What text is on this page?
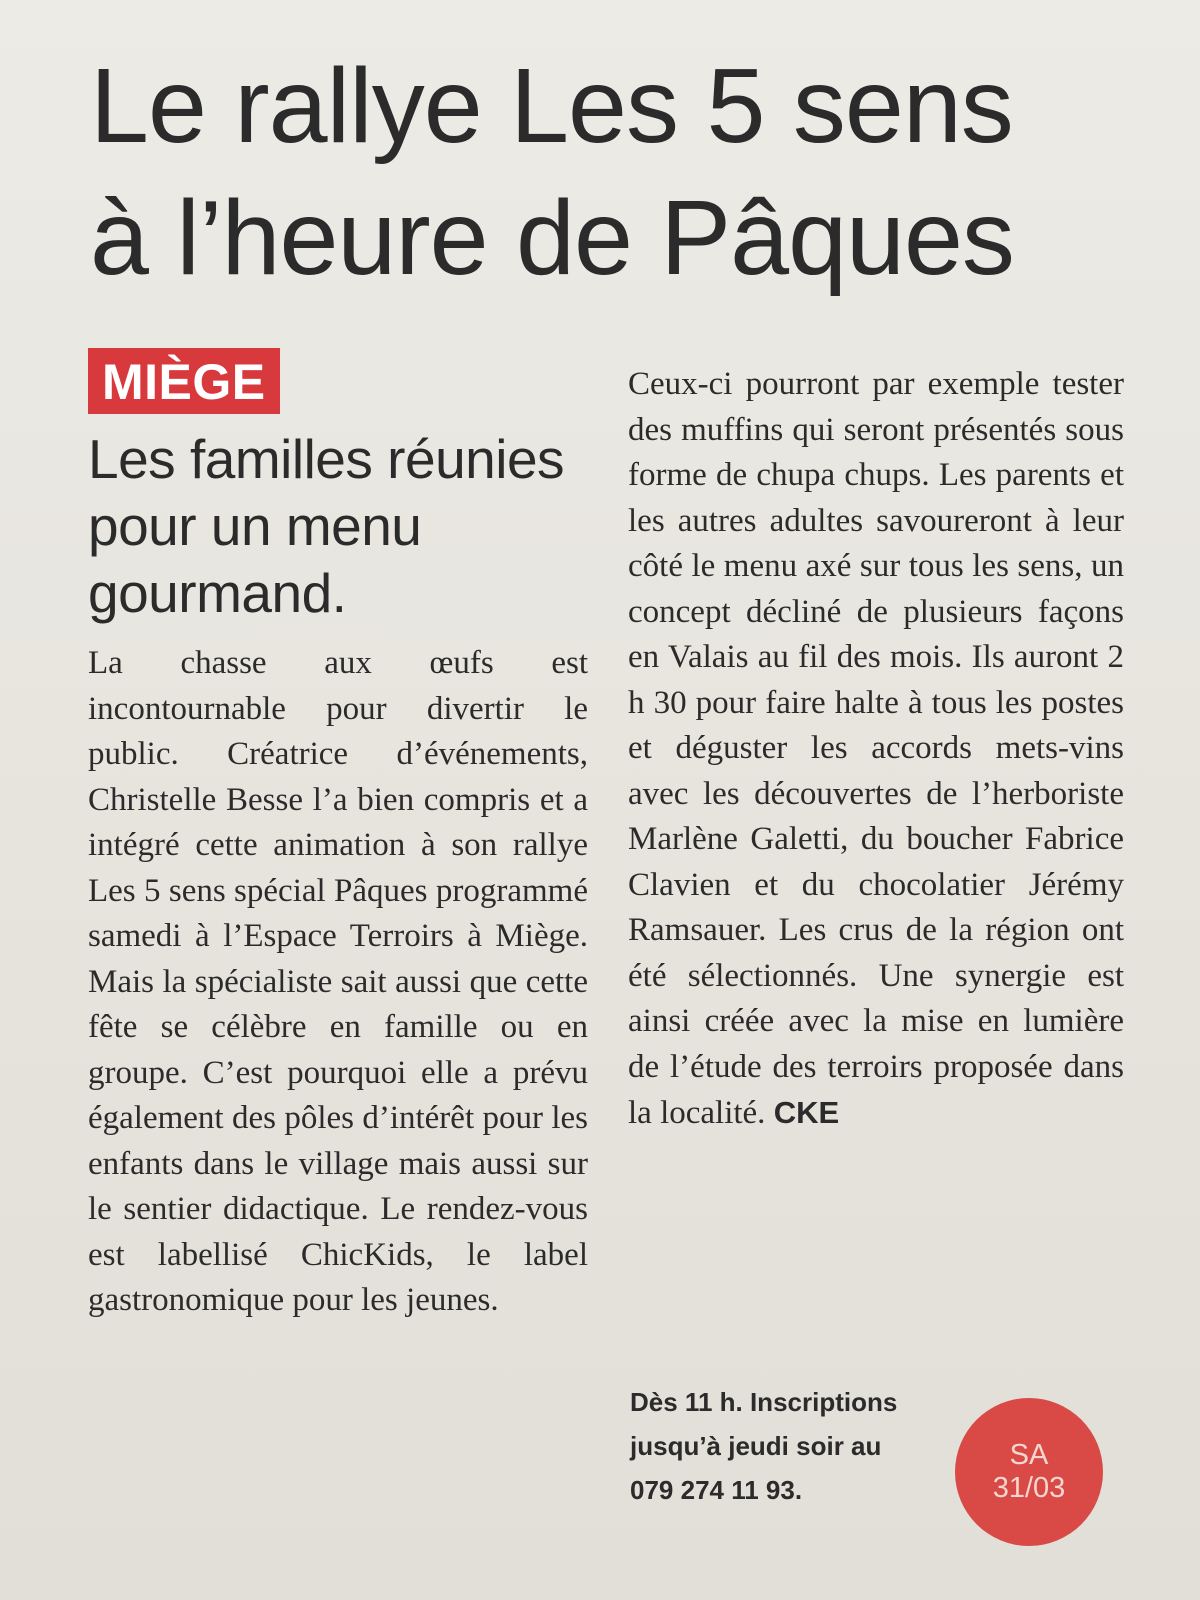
Le rallye Les 5 sens
à l’heure de Pâques
MIÈGE
Les familles réunies pour un menu gourmand.

La chasse aux œufs est incontournable pour divertir le public. Créatrice d’événements, Christelle Besse l’a bien compris et a intégré cette animation à son rallye Les 5 sens spécial Pâques programmé samedi à l’Espace Terroirs à Miège. Mais la spécialiste sait aussi que cette fête se célèbre en famille ou en groupe. C’est pourquoi elle a prévu également des pôles d’intérêt pour les enfants dans le village mais aussi sur le sentier didactique. Le rendez-vous est labellisé ChicKids, le label gastronomique pour les jeunes.

Ceux-ci pourront par exemple tester des muffins qui seront présentés sous forme de chupa chups. Les parents et les autres adultes savoureront à leur côté le menu axé sur tous les sens, un concept décliné de plusieurs façons en Valais au fil des mois. Ils auront 2 h 30 pour faire halte à tous les postes et déguster les accords mets-vins avec les découvertes de l’herboriste Marlène Galetti, du boucher Fabrice Clavien et du chocolatier Jérémy Ramsauer. Les crus de la région ont été sélectionnés. Une synergie est ainsi créée avec la mise en lumière de l’étude des terroirs proposée dans la localité. CKE

Dès 11 h. Inscriptions
jusqu’à jeudi soir au
079 274 11 93.
SA
31/03
